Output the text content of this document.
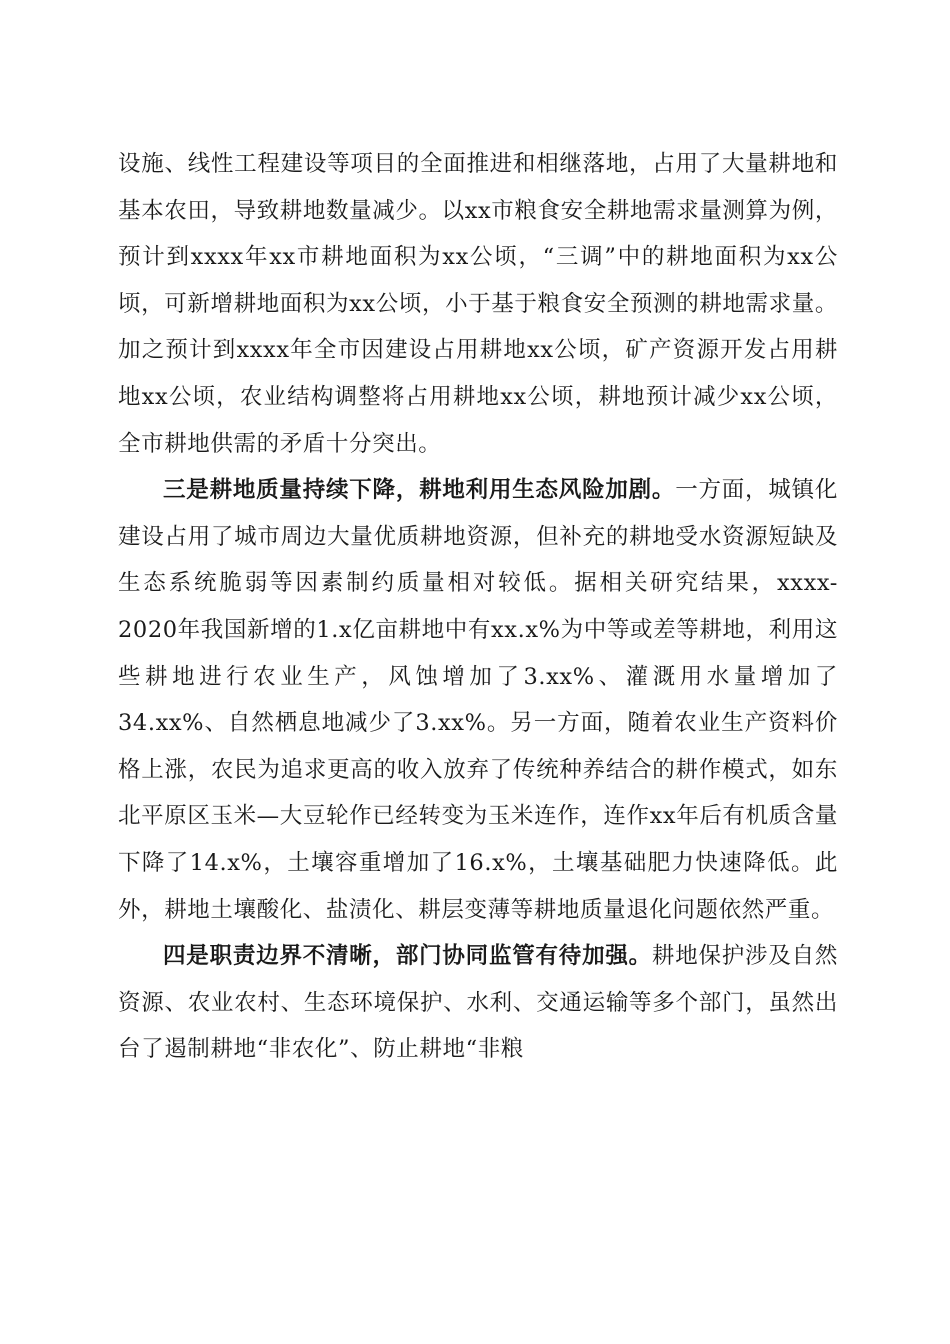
设施、线性工程建设等项目的全面推进和相继落地，占用了大量耕地和基本农田，导致耕地数量减少。以xx市粮食安全耕地需求量测算为例，预计到xxxx年xx市耕地面积为xx公顷，“三调”中的耕地面积为xx公顷，可新增耕地面积为xx公顷，小于基于粮食安全预测的耕地需求量。加之预计到xxxx年全市因建设占用耕地xx公顷，矿产资源开发占用耕地xx公顷，农业结构调整将占用耕地xx公顷，耕地预计减少xx公顷，全市耕地供需的矛盾十分突出。

三是耕地质量持续下降，耕地利用生态风险加剧。一方面，城镇化建设占用了城市周边大量优质耕地资源，但补充的耕地受水资源短缺及生态系统脆弱等因素制约质量相对较低。据相关研究结果，xxxx-2020年我国新增的1.x亿亩耕地中有xx.x%为中等或差等耕地，利用这些耕地进行农业生产，风蚀增加了3.xx%、灌溉用水量增加了34.xx%、自然栖息地减少了3.xx%。另一方面，随着农业生产资料价格上涨，农民为追求更高的收入放弃了传统种养结合的耕作模式，如东北平原区玉米—大豆轮作已经转变为玉米连作，连作xx年后有机质含量下降了14.x%，土壤容重增加了16.x%，土壤基础肥力快速降低。此外，耕地土壤酸化、盐渍化、耕层变薄等耕地质量退化问题依然严重。

四是职责边界不清晰，部门协同监管有待加强。耕地保护涉及自然资源、农业农村、生态环境保护、水利、交通运输等多个部门，虽然出台了遏制耕地“非农化”、防止耕地“非粮
